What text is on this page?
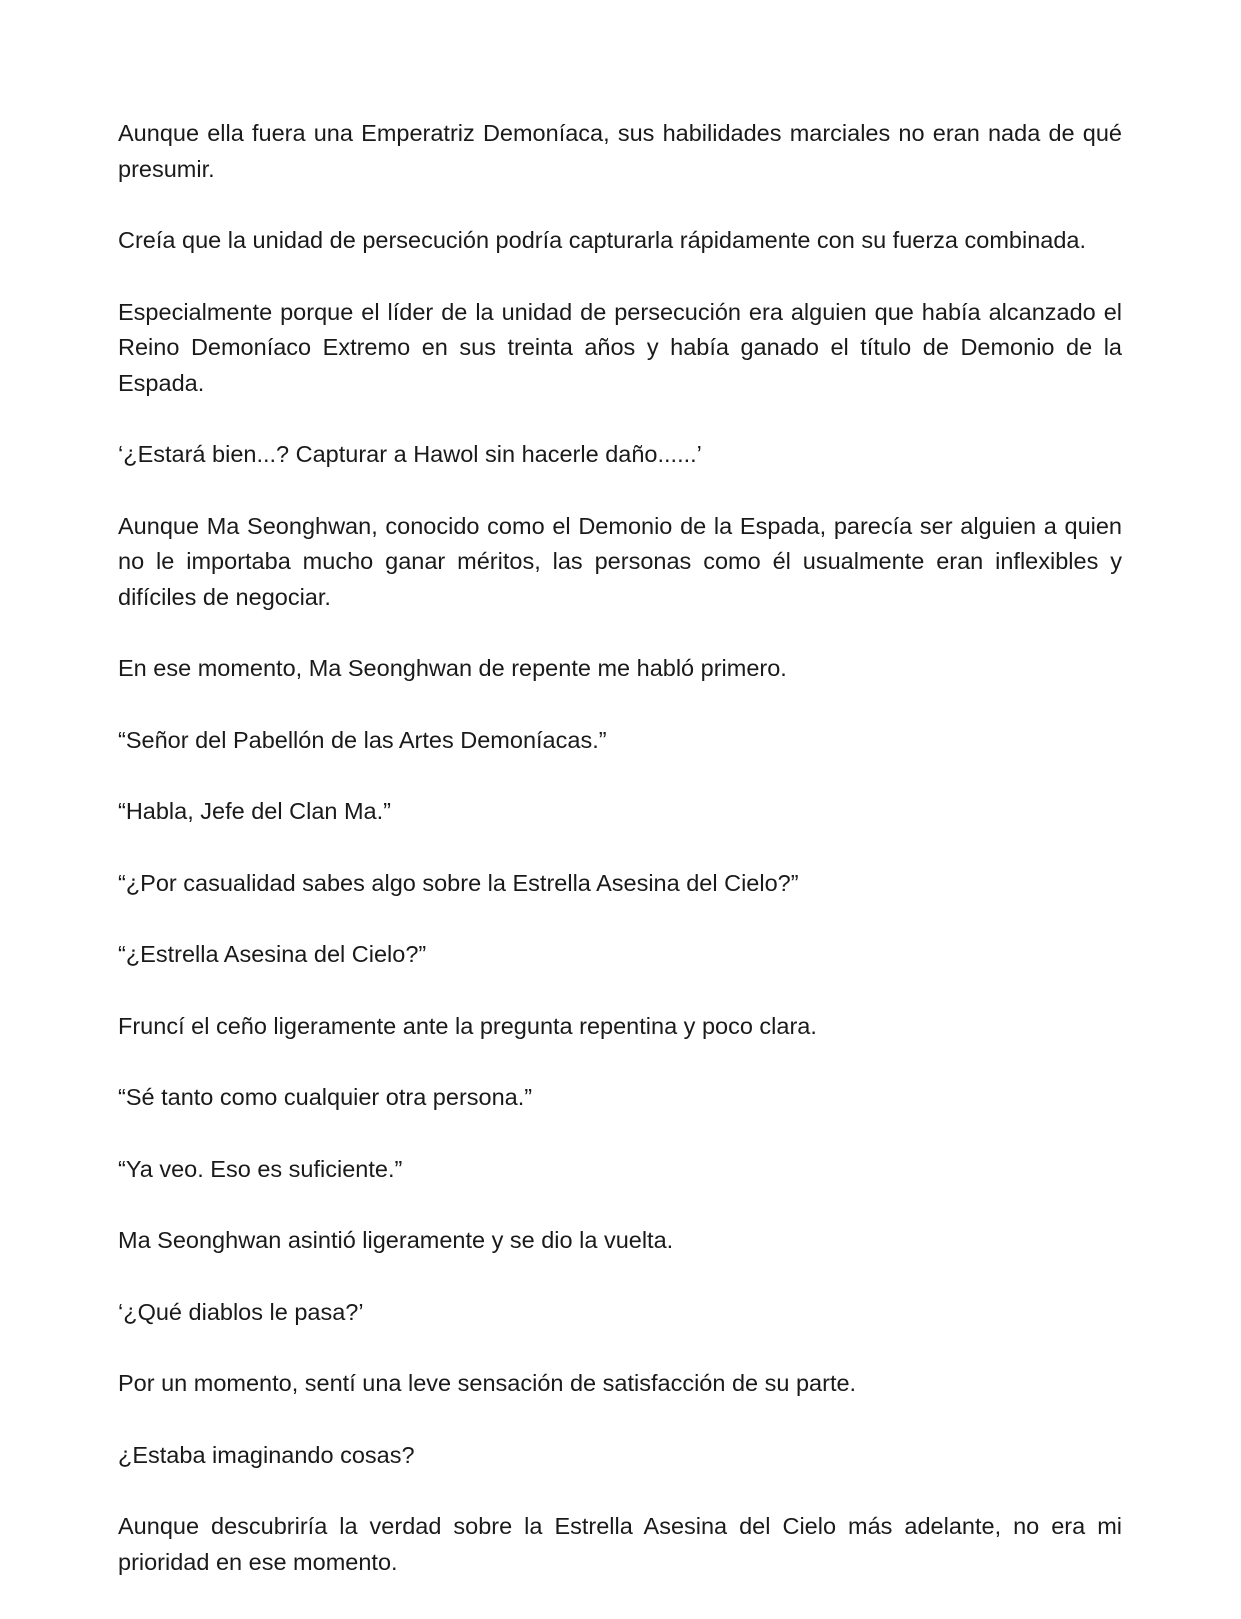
Aunque ella fuera una Emperatriz Demoníaca, sus habilidades marciales no eran nada de qué presumir.

Creía que la unidad de persecución podría capturarla rápidamente con su fuerza combinada.

Especialmente porque el líder de la unidad de persecución era alguien que había alcanzado el Reino Demoníaco Extremo en sus treinta años y había ganado el título de Demonio de la Espada.

‘¿Estará bien...? Capturar a Hawol sin hacerle daño......’

Aunque Ma Seonghwan, conocido como el Demonio de la Espada, parecía ser alguien a quien no le importaba mucho ganar méritos, las personas como él usualmente eran inflexibles y difíciles de negociar.

En ese momento, Ma Seonghwan de repente me habló primero.

“Señor del Pabellón de las Artes Demoníacas.”

“Habla, Jefe del Clan Ma.”

“¿Por casualidad sabes algo sobre la Estrella Asesina del Cielo?”

“¿Estrella Asesina del Cielo?”

Fruncí el ceño ligeramente ante la pregunta repentina y poco clara.

“Sé tanto como cualquier otra persona.”

“Ya veo. Eso es suficiente.”

Ma Seonghwan asintió ligeramente y se dio la vuelta.

‘¿Qué diablos le pasa?’

Por un momento, sentí una leve sensación de satisfacción de su parte.

¿Estaba imaginando cosas?

Aunque descubriría la verdad sobre la Estrella Asesina del Cielo más adelante, no era mi prioridad en ese momento.
